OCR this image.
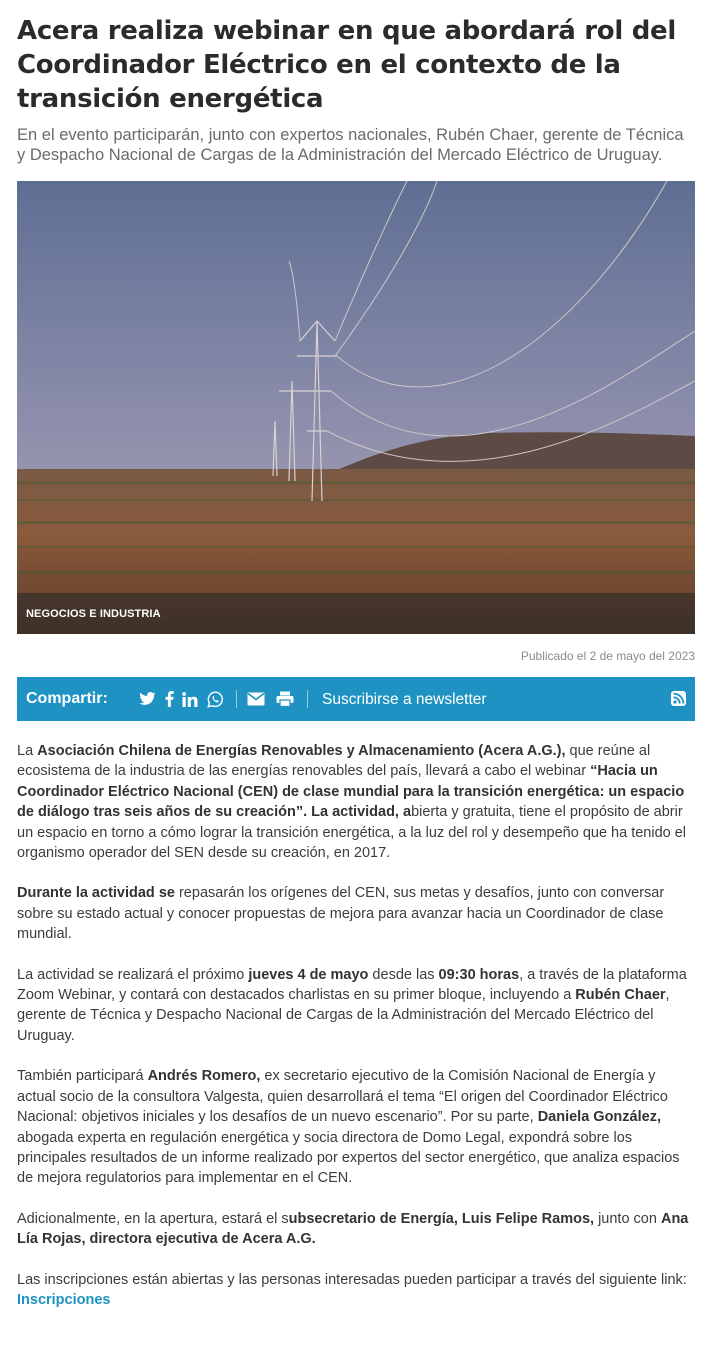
Acera realiza webinar en que abordará rol del Coordinador Eléctrico en el contexto de la transición energética

En el evento participarán, junto con expertos nacionales, Rubén Chaer, gerente de Técnica y Despacho Nacional de Cargas de la Administración del Mercado Eléctrico de Uruguay.

NEGOCIOS E INDUSTRIA
Publicado el 2 de mayo del 2023
Compartir:	Suscribirse a newsletter

La Asociación Chilena de Energías Renovables y Almacenamiento (Acera A.G.), que reúne al ecosistema de la industria de las energías renovables del país, llevará a cabo el webinar “Hacia un Coordinador Eléctrico Nacional (CEN) de clase mundial para la transición energética: un espacio de diálogo tras seis años de su creación”. La actividad, abierta y gratuita, tiene el propósito de abrir un espacio en torno a cómo lograr la transición energética, a la luz del rol y desempeño que ha tenido el organismo operador del SEN desde su creación, en 2017.

Durante la actividad se repasarán los orígenes del CEN, sus metas y desafíos, junto con conversar sobre su estado actual y conocer propuestas de mejora para avanzar hacia un Coordinador de clase mundial.

La actividad se realizará el próximo jueves 4 de mayo desde las 09:30 horas, a través de la plataforma Zoom Webinar, y contará con destacados charlistas en su primer bloque, incluyendo a Rubén Chaer, gerente de Técnica y Despacho Nacional de Cargas de la Administración del Mercado Eléctrico del Uruguay.

También participará Andrés Romero, ex secretario ejecutivo de la Comisión Nacional de Energía y actual socio de la consultora Valgesta, quien desarrollará el tema “El origen del Coordinador Eléctrico Nacional: objetivos iniciales y los desafíos de un nuevo escenario”. Por su parte, Daniela González, abogada experta en regulación energética y socia directora de Domo Legal, expondrá sobre los principales resultados de un informe realizado por expertos del sector energético, que analiza espacios de mejora regulatorios para implementar en el CEN.

Adicionalmente, en la apertura, estará el subsecretario de Energía, Luis Felipe Ramos, junto con Ana Lía Rojas, directora ejecutiva de Acera A.G.

Las inscripciones están abiertas y las personas interesadas pueden participar a través del siguiente link: Inscripciones
